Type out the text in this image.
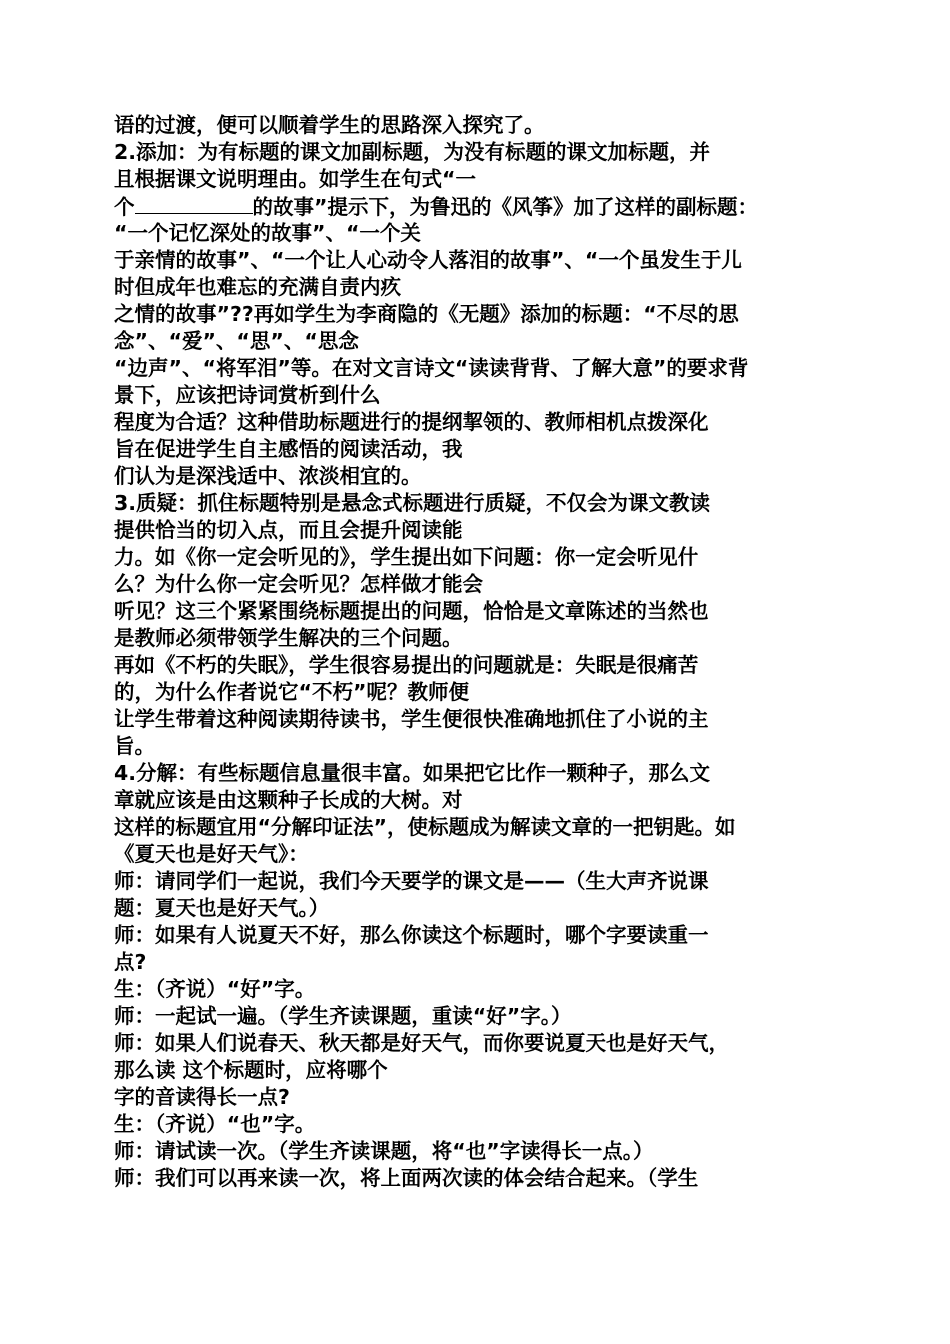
语的过渡，便可以顺着学生的思路深入探究了。
2.添加：为有标题的课文加副标题，为没有标题的课文加标题，并
且根据课文说明理由。如学生在句式“一
个	的故事”提示下，为鲁迅的《风筝》加了这样的副标题：
“一个记忆深处的故事”、“一个关
于亲情的故事”、“一个让人心动令人落泪的故事”、“一个虽发生于儿
时但成年也难忘的充满自责内疚
之情的故事”??再如学生为李商隐的《无题》添加的标题：“不尽的思
念”、“爱”、“思”、“思念
“边声”、“将军泪”等。在对文言诗文“读读背背、了解大意”的要求背
景下，应该把诗词赏析到什么
程度为合适？这种借助标题进行的提纲挈领的、教师相机点拨深化
旨在促进学生自主感悟的阅读活动，我
们认为是深浅适中、浓淡相宜的。
3.质疑：抓住标题特别是悬念式标题进行质疑，不仅会为课文教读
提供恰当的切入点，而且会提升阅读能
力。如《你一定会听见的》，学生提出如下问题：你一定会听见什
么？为什么你一定会听见？怎样做才能会
听见？这三个紧紧围绕标题提出的问题，恰恰是文章陈述的当然也
是教师必须带领学生解决的三个问题。
再如《不朽的失眠》，学生很容易提出的问题就是：失眠是很痛苦
的，为什么作者说它“不朽”呢？教师便
让学生带着这种阅读期待读书，学生便很快准确地抓住了小说的主
旨。
4.分解：有些标题信息量很丰富。如果把它比作一颗种子，那么文
章就应该是由这颗种子长成的大树。对
这样的标题宜用“分解印证法”，使标题成为解读文章的一把钥匙。如
《夏天也是好天气》：
师：请同学们一起说，我们今天要学的课文是——（生大声齐说课
题：夏天也是好天气。）
师：如果有人说夏天不好，那么你读这个标题时，哪个字要读重一
点?
生：（齐说）“好”字。
师：一起试一遍。（学生齐读课题，重读“好”字。）
师：如果人们说春天、秋天都是好天气，而你要说夏天也是好天气，
那么读 这个标题时，应将哪个
字的音读得长一点?
生：（齐说）“也”字。
师：请试读一次。（学生齐读课题，将“也”字读得长一点。）
师：我们可以再来读一次，将上面两次读的体会结合起来。（学生
